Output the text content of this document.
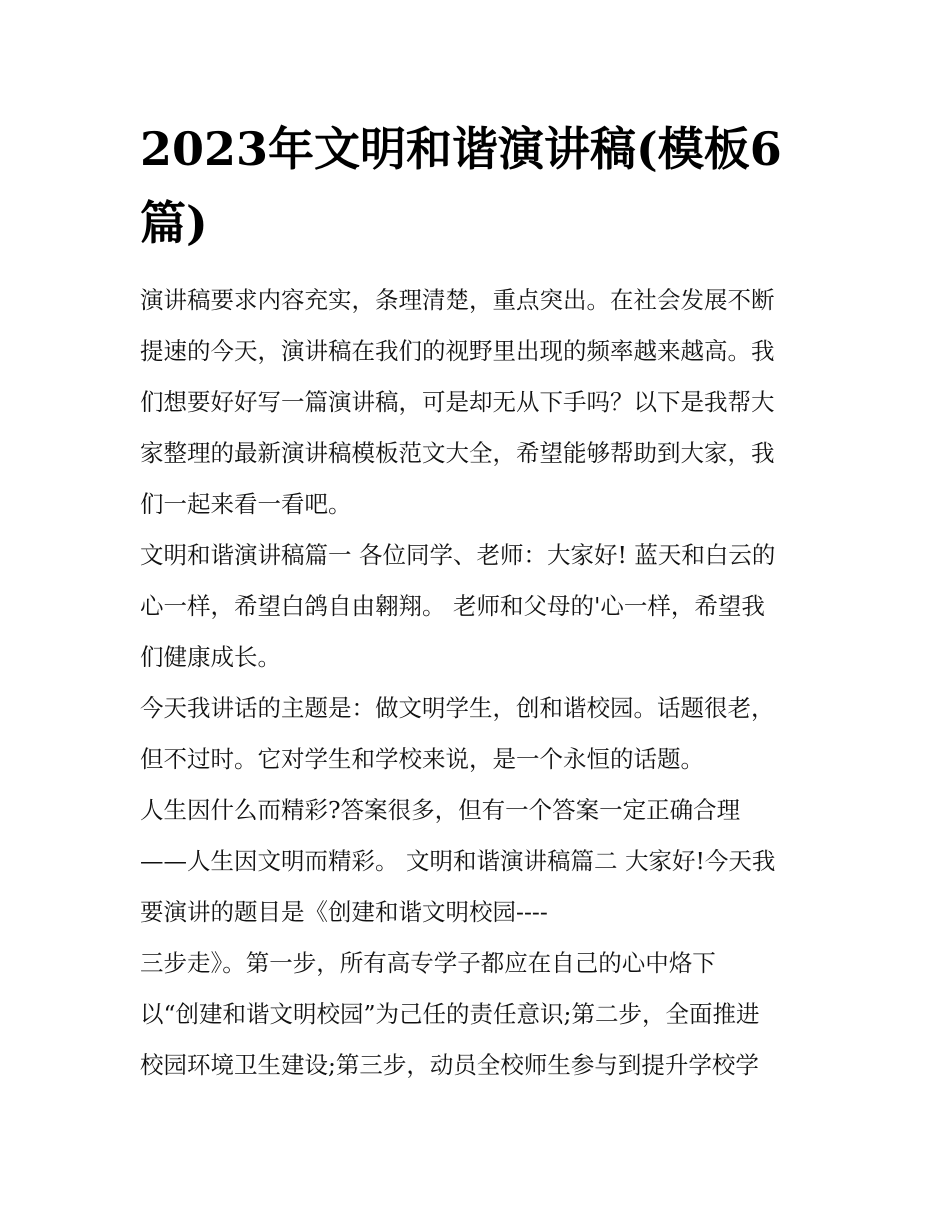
2023年文明和谐演讲稿(模板6
篇)

演讲稿要求内容充实，条理清楚，重点突出。在社会发展不断
提速的今天，演讲稿在我们的视野里出现的频率越来越高。我
们想要好好写一篇演讲稿，可是却无从下手吗？以下是我帮大
家整理的最新演讲稿模板范文大全，希望能够帮助到大家，我
们一起来看一看吧。

文明和谐演讲稿篇一 各位同学、老师：大家好! 蓝天和白云的
心一样，希望白鸽自由翱翔。 老师和父母的'心一样，希望我
们健康成长。

今天我讲话的主题是：做文明学生，创和谐校园。话题很老，
但不过时。它对学生和学校来说，是一个永恒的话题。

人生因什么而精彩?答案很多，但有一个答案一定正确合理
——人生因文明而精彩。 文明和谐演讲稿篇二 大家好!今天我
要演讲的题目是《创建和谐文明校园----
三步走》。第一步，所有高专学子都应在自己的心中烙下
以“创建和谐文明校园”为己任的责任意识;第二步，全面推进
校园环境卫生建设;第三步，动员全校师生参与到提升学校学
